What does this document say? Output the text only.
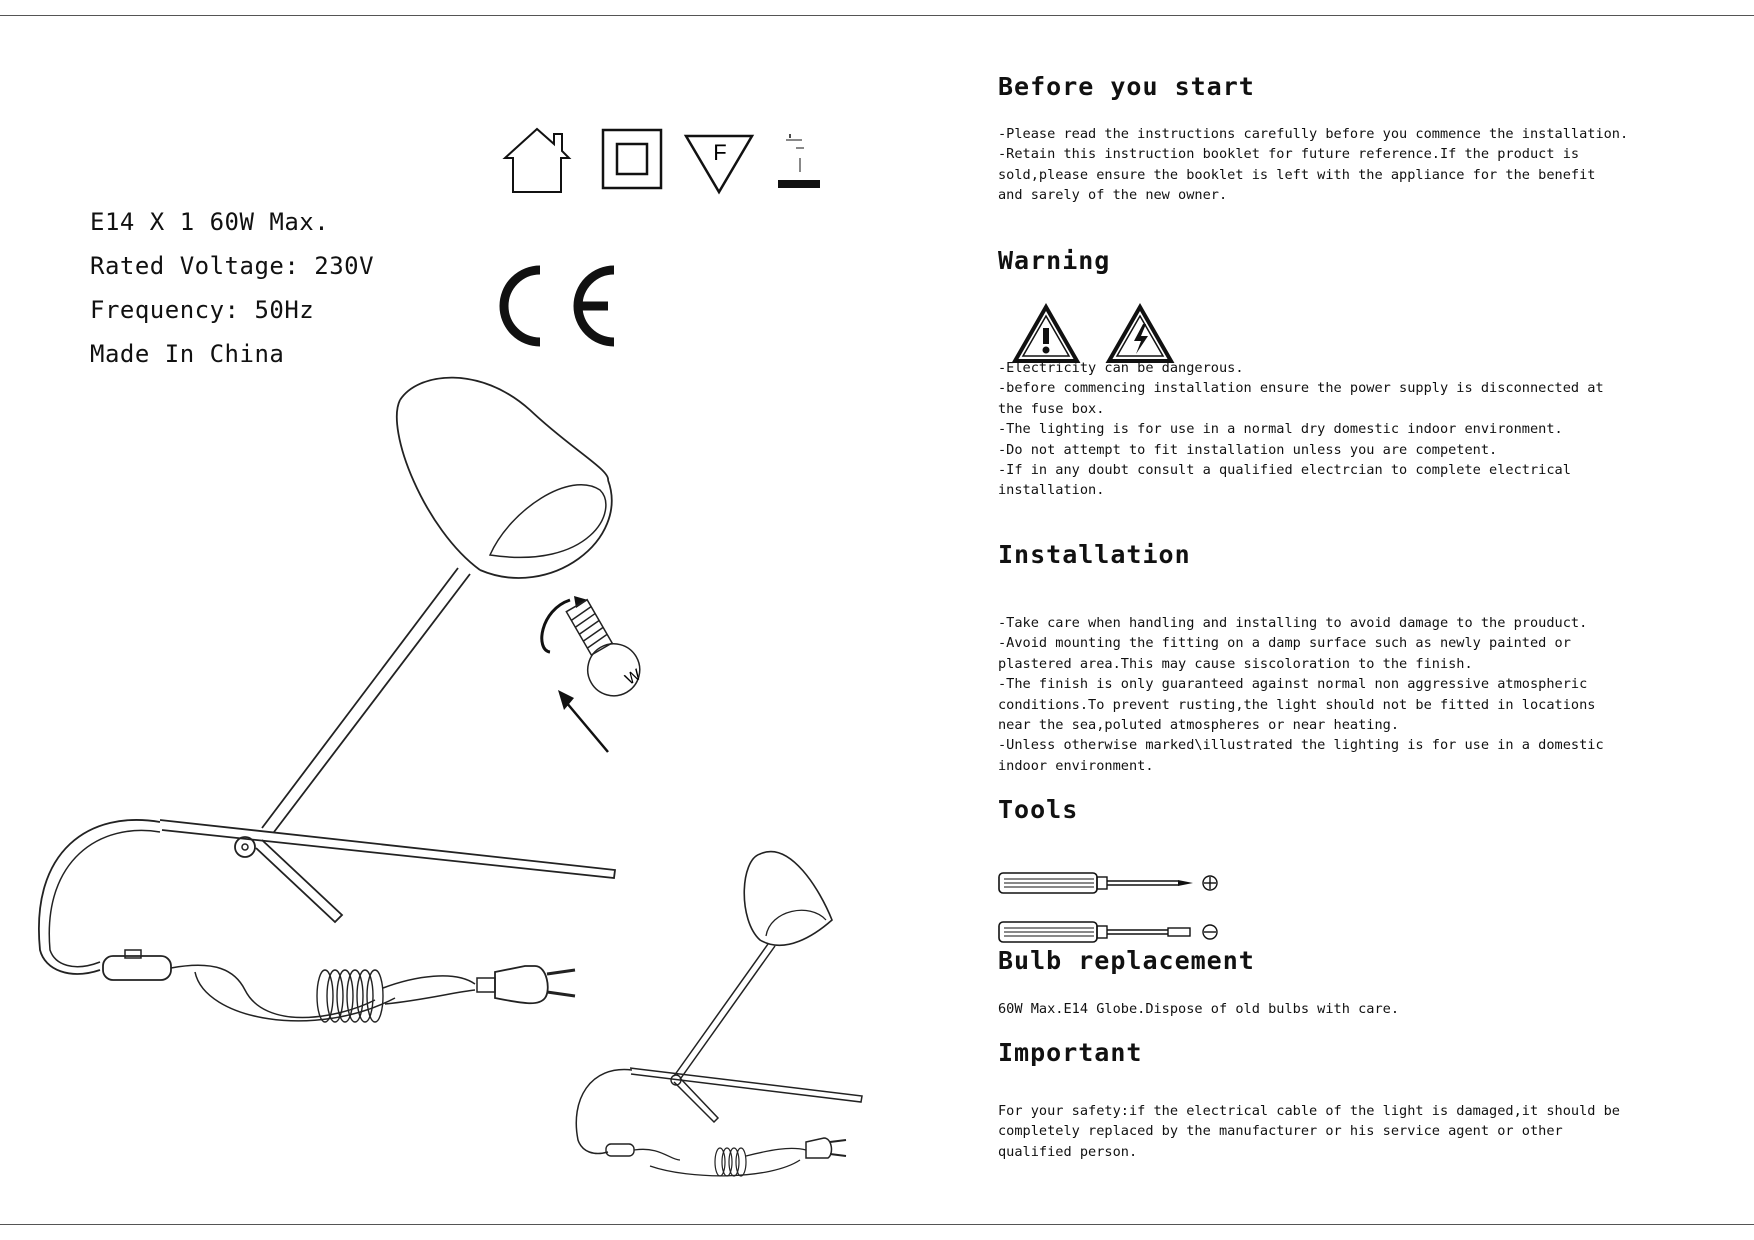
E14 X 1 60W Max.
Rated Voltage: 230V
Frequency: 50Hz
Made In China
F
CE
W
Before you start
-Please read the instructions carefully before you commence the installation.
-Retain this instruction booklet for future reference.If the product is
sold,please ensure the booklet is left with the appliance for the benefit
and sarely of the new owner.
Warning
-Electricity can be dangerous.
-before commencing installation ensure the power supply is disconnected at
the fuse box.
-The lighting is for use in a normal dry domestic indoor environment.
-Do not attempt to fit installation unless you are competent.
-If in any doubt consult a qualified electrcian to complete electrical
installation.
Installation
-Take care when handling and installing to avoid damage to the prouduct.
-Avoid mounting the fitting on a damp surface such as newly painted or
plastered area.This may cause siscoloration to the finish.
-The finish is only guaranteed against normal non aggressive atmospheric
conditions.To prevent rusting,the light should not be fitted in locations
near the sea,poluted atmospheres or near heating.
-Unless otherwise marked\illustrated the lighting is for use in a domestic
indoor environment.
Tools
Bulb replacement
60W Max.E14 Globe.Dispose of old bulbs with care.
Important
For your safety:if the electrical cable of the light is damaged,it should be
completely replaced by the manufacturer or his service agent or other
qualified person.
